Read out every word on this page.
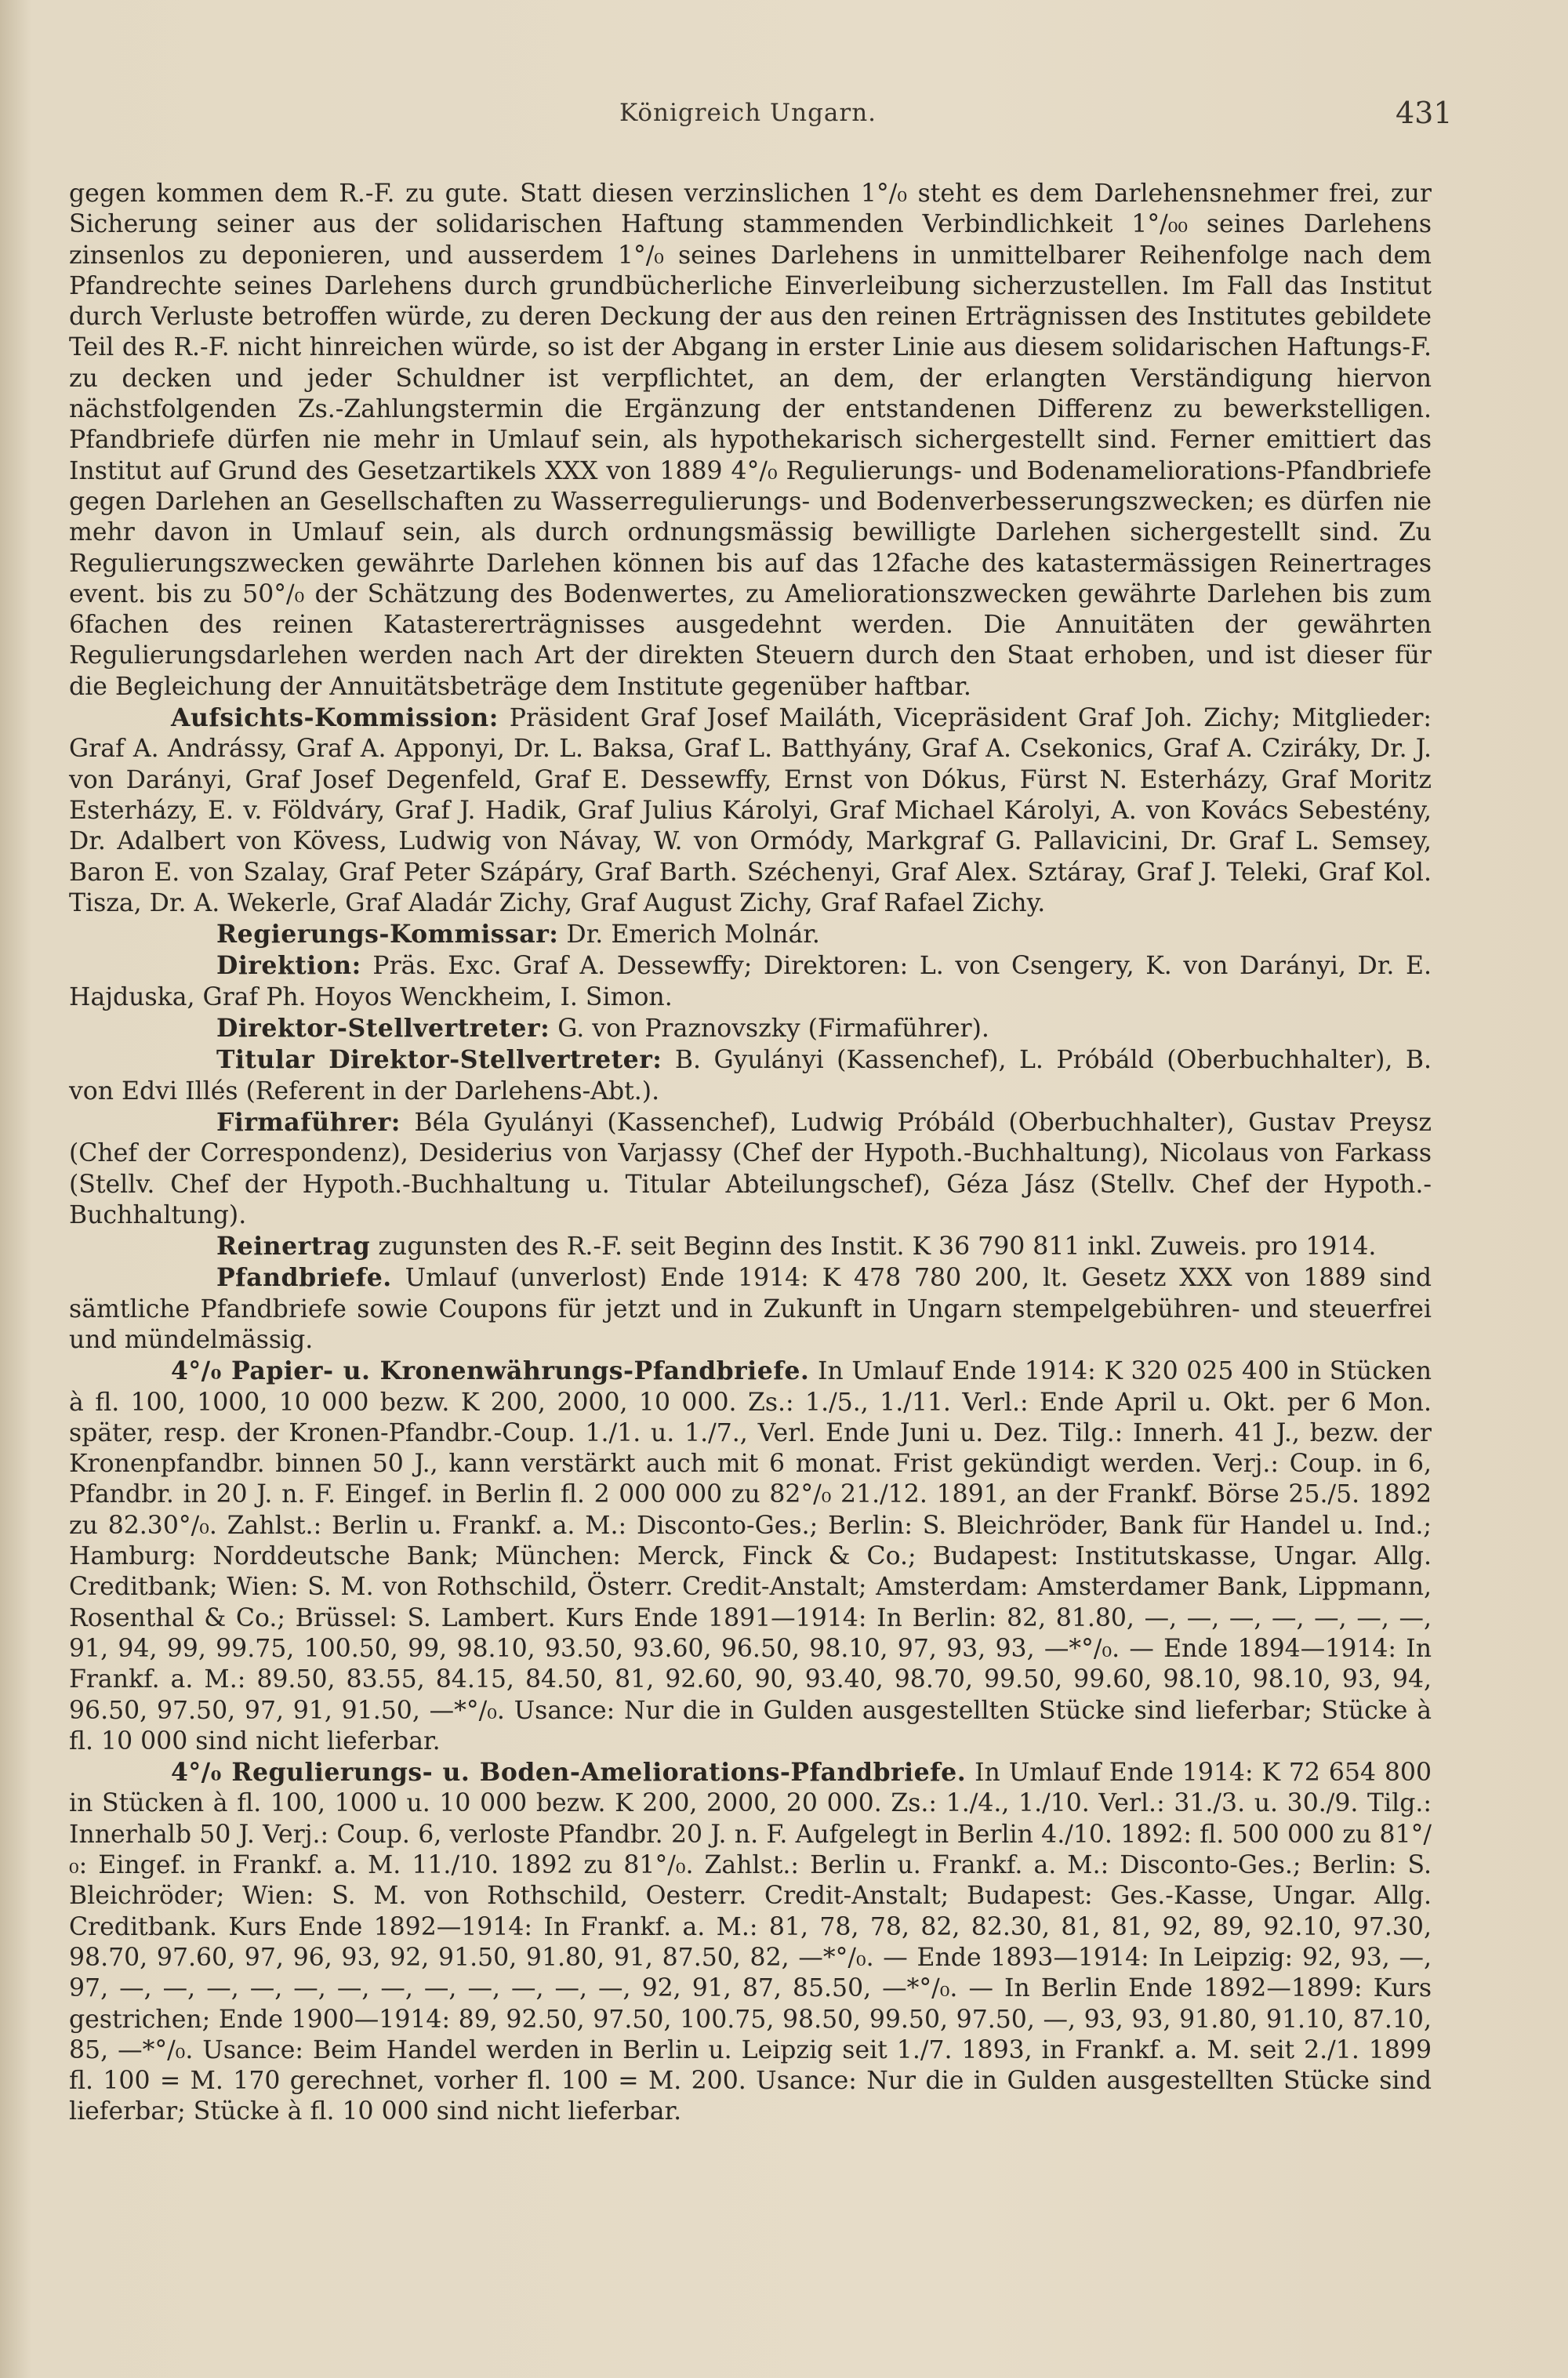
Königreich Ungarn.	431

gegen kommen dem R.-F. zu gute. Statt diesen verzinslichen 1°/₀ steht es dem Darlehensnehmer frei, zur Sicherung seiner aus der solidarischen Haftung stammenden Verbindlichkeit 1°/₀₀ seines Darlehens zinsenlos zu deponieren, und ausserdem 1°/₀ seines Darlehens in unmittelbarer Reihenfolge nach dem Pfandrechte seines Darlehens durch grundbücherliche Einverleibung sicherzustellen. Im Fall das Institut durch Verluste betroffen würde, zu deren Deckung der aus den reinen Erträgnissen des Institutes gebildete Teil des R.-F. nicht hinreichen würde, so ist der Abgang in erster Linie aus diesem solidarischen Haftungs-F. zu decken und jeder Schuldner ist verpflichtet, an dem, der erlangten Verständigung hiervon nächstfolgenden Zs.-Zahlungstermin die Ergänzung der entstandenen Differenz zu bewerkstelligen. Pfandbriefe dürfen nie mehr in Umlauf sein, als hypothekarisch sichergestellt sind. Ferner emittiert das Institut auf Grund des Gesetzartikels XXX von 1889 4°/₀ Regulierungs- und Bodenameliorations-Pfandbriefe gegen Darlehen an Gesellschaften zu Wasserregulierungs- und Bodenverbesserungszwecken; es dürfen nie mehr davon in Umlauf sein, als durch ordnungsmässig bewilligte Darlehen sichergestellt sind. Zu Regulierungszwecken gewährte Darlehen können bis auf das 12fache des katastermässigen Reinertrages event. bis zu 50°/₀ der Schätzung des Bodenwertes, zu Ameliorationszwecken gewährte Darlehen bis zum 6fachen des reinen Katastererträgnisses ausgedehnt werden. Die Annuitäten der gewährten Regulierungsdarlehen werden nach Art der direkten Steuern durch den Staat erhoben, und ist dieser für die Begleichung der Annuitätsbeträge dem Institute gegenüber haftbar.

Aufsichts-Kommission: Präsident Graf Josef Mailáth, Vicepräsident Graf Joh. Zichy; Mitglieder: Graf A. Andrássy, Graf A. Apponyi, Dr. L. Baksa, Graf L. Batthyány, Graf A. Csekonics, Graf A. Cziráky, Dr. J. von Darányi, Graf Josef Degenfeld, Graf E. Dessewffy, Ernst von Dókus, Fürst N. Esterházy, Graf Moritz Esterházy, E. v. Földváry, Graf J. Hadik, Graf Julius Károlyi, Graf Michael Károlyi, A. von Kovács Sebestény, Dr. Adalbert von Kövess, Ludwig von Návay, W. von Ormódy, Markgraf G. Pallavicini, Dr. Graf L. Semsey, Baron E. von Szalay, Graf Peter Szápáry, Graf Barth. Széchenyi, Graf Alex. Sztáray, Graf J. Teleki, Graf Kol. Tisza, Dr. A. Wekerle, Graf Aladár Zichy, Graf August Zichy, Graf Rafael Zichy.

Regierungs-Kommissar: Dr. Emerich Molnár.

Direktion: Präs. Exc. Graf A. Dessewffy; Direktoren: L. von Csengery, K. von Darányi, Dr. E. Hajduska, Graf Ph. Hoyos Wenckheim, I. Simon.

Direktor-Stellvertreter: G. von Praznovszky (Firmaführer).

Titular Direktor-Stellvertreter: B. Gyulányi (Kassenchef), L. Próbáld (Oberbuchhalter), B. von Edvi Illés (Referent in der Darlehens-Abt.).

Firmaführer: Béla Gyulányi (Kassenchef), Ludwig Próbáld (Oberbuchhalter), Gustav Preysz (Chef der Correspondenz), Desiderius von Varjassy (Chef der Hypoth.-Buchhaltung), Nicolaus von Farkass (Stellv. Chef der Hypoth.-Buchhaltung u. Titular Abteilungschef), Géza Jász (Stellv. Chef der Hypoth.-Buchhaltung).

Reinertrag zugunsten des R.-F. seit Beginn des Instit. K 36 790 811 inkl. Zuweis. pro 1914.

Pfandbriefe. Umlauf (unverlost) Ende 1914: K 478 780 200, lt. Gesetz XXX von 1889 sind sämtliche Pfandbriefe sowie Coupons für jetzt und in Zukunft in Ungarn stempelgebühren- und steuerfrei und mündelmässig.

4°/₀ Papier- u. Kronenwährungs-Pfandbriefe. In Umlauf Ende 1914: K 320 025 400 in Stücken à fl. 100, 1000, 10 000 bezw. K 200, 2000, 10 000. Zs.: 1./5., 1./11. Verl.: Ende April u. Okt. per 6 Mon. später, resp. der Kronen-Pfandbr.-Coup. 1./1. u. 1./7., Verl. Ende Juni u. Dez. Tilg.: Innerh. 41 J., bezw. der Kronenpfandbr. binnen 50 J., kann verstärkt auch mit 6 monat. Frist gekündigt werden. Verj.: Coup. in 6, Pfandbr. in 20 J. n. F. Eingef. in Berlin fl. 2 000 000 zu 82°/₀ 21./12. 1891, an der Frankf. Börse 25./5. 1892 zu 82.30°/₀. Zahlst.: Berlin u. Frankf. a. M.: Disconto-Ges.; Berlin: S. Bleichröder, Bank für Handel u. Ind.; Hamburg: Norddeutsche Bank; München: Merck, Finck & Co.; Budapest: Institutskasse, Ungar. Allg. Creditbank; Wien: S. M. von Rothschild, Österr. Credit-Anstalt; Amsterdam: Amsterdamer Bank, Lippmann, Rosenthal & Co.; Brüssel: S. Lambert. Kurs Ende 1891—1914: In Berlin: 82, 81.80, —, —, —, —, —, —, —, 91, 94, 99, 99.75, 100.50, 99, 98.10, 93.50, 93.60, 96.50, 98.10, 97, 93, 93, —*°/₀. — Ende 1894—1914: In Frankf. a. M.: 89.50, 83.55, 84.15, 84.50, 81, 92.60, 90, 93.40, 98.70, 99.50, 99.60, 98.10, 98.10, 93, 94, 96.50, 97.50, 97, 91, 91.50, —*°/₀. Usance: Nur die in Gulden ausgestellten Stücke sind lieferbar; Stücke à fl. 10 000 sind nicht lieferbar.

4°/₀ Regulierungs- u. Boden-Ameliorations-Pfandbriefe. In Umlauf Ende 1914: K 72 654 800 in Stücken à fl. 100, 1000 u. 10 000 bezw. K 200, 2000, 20 000. Zs.: 1./4., 1./10. Verl.: 31./3. u. 30./9. Tilg.: Innerhalb 50 J. Verj.: Coup. 6, verloste Pfandbr. 20 J. n. F. Aufgelegt in Berlin 4./10. 1892: fl. 500 000 zu 81°/₀: Eingef. in Frankf. a. M. 11./10. 1892 zu 81°/₀. Zahlst.: Berlin u. Frankf. a. M.: Disconto-Ges.; Berlin: S. Bleichröder; Wien: S. M. von Rothschild, Oesterr. Credit-Anstalt; Budapest: Ges.-Kasse, Ungar. Allg. Creditbank. Kurs Ende 1892—1914: In Frankf. a. M.: 81, 78, 78, 82, 82.30, 81, 81, 92, 89, 92.10, 97.30, 98.70, 97.60, 97, 96, 93, 92, 91.50, 91.80, 91, 87.50, 82, —*°/₀. — Ende 1893—1914: In Leipzig: 92, 93, —, 97, —, —, —, —, —, —, —, —, —, —, —, —, 92, 91, 87, 85.50, —*°/₀. — In Berlin Ende 1892—1899: Kurs gestrichen; Ende 1900—1914: 89, 92.50, 97.50, 100.75, 98.50, 99.50, 97.50, —, 93, 93, 91.80, 91.10, 87.10, 85, —*°/₀. Usance: Beim Handel werden in Berlin u. Leipzig seit 1./7. 1893, in Frankf. a. M. seit 2./1. 1899 fl. 100 = M. 170 gerechnet, vorher fl. 100 = M. 200. Usance: Nur die in Gulden ausgestellten Stücke sind lieferbar; Stücke à fl. 10 000 sind nicht lieferbar.
